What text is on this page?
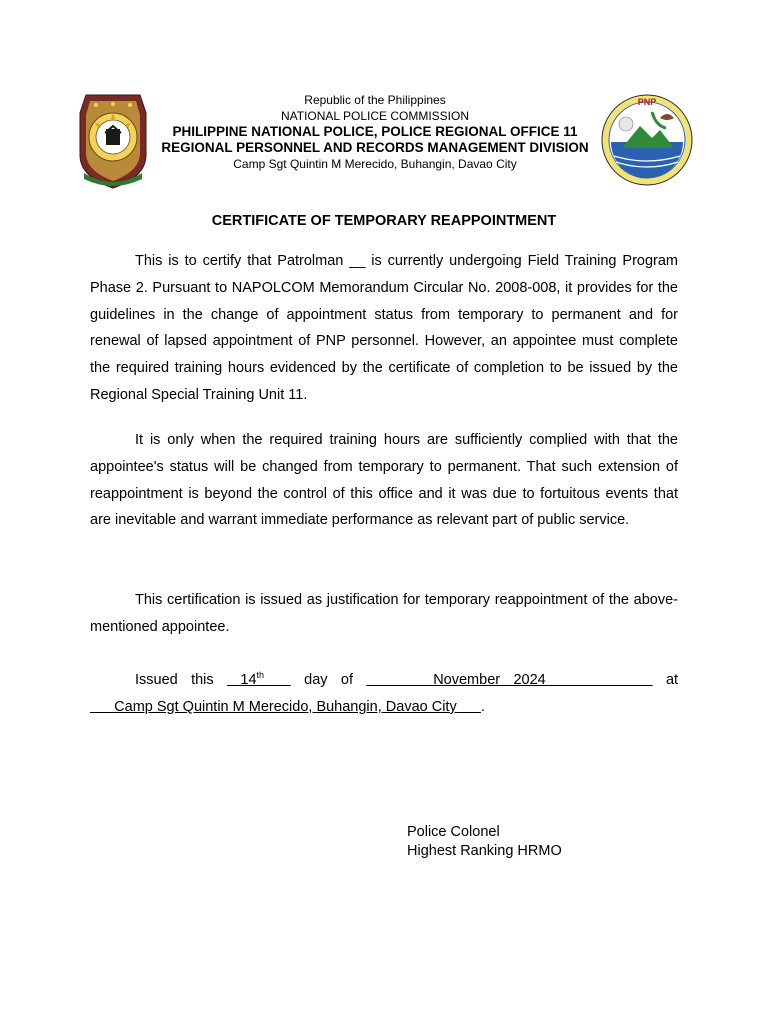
Republic of the Philippines
NATIONAL POLICE COMMISSION
PHILIPPINE NATIONAL POLICE, POLICE REGIONAL OFFICE 11
REGIONAL PERSONNEL AND RECORDS MANAGEMENT DIVISION
Camp Sgt Quintin M Merecido, Buhangin, Davao City
PNP
CERTIFICATE OF TEMPORARY REAPPOINTMENT

This is to certify that Patrolman __ is currently undergoing Field Training Program Phase 2. Pursuant to NAPOLCOM Memorandum Circular No. 2008-008, it provides for the guidelines in the change of appointment status from temporary to permanent and for renewal of lapsed appointment of PNP personnel. However, an appointee must complete the required training hours evidenced by the certificate of completion to be issued by the Regional Special Training Unit 11.

It is only when the required training hours are sufficiently complied with that the appointee's status will be changed from temporary to permanent. That such extension of reappointment is beyond the control of this office and it was due to fortuitous events that are inevitable and warrant immediate performance as relevant part of public service.

This certification is issued as justification for temporary reappointment of the above-mentioned appointee.

Issued this 14th	day of	November 2024	at       Camp Sgt Quintin M Merecido, Buhangin, Davao City .

Police Colonel
Highest Ranking HRMO
